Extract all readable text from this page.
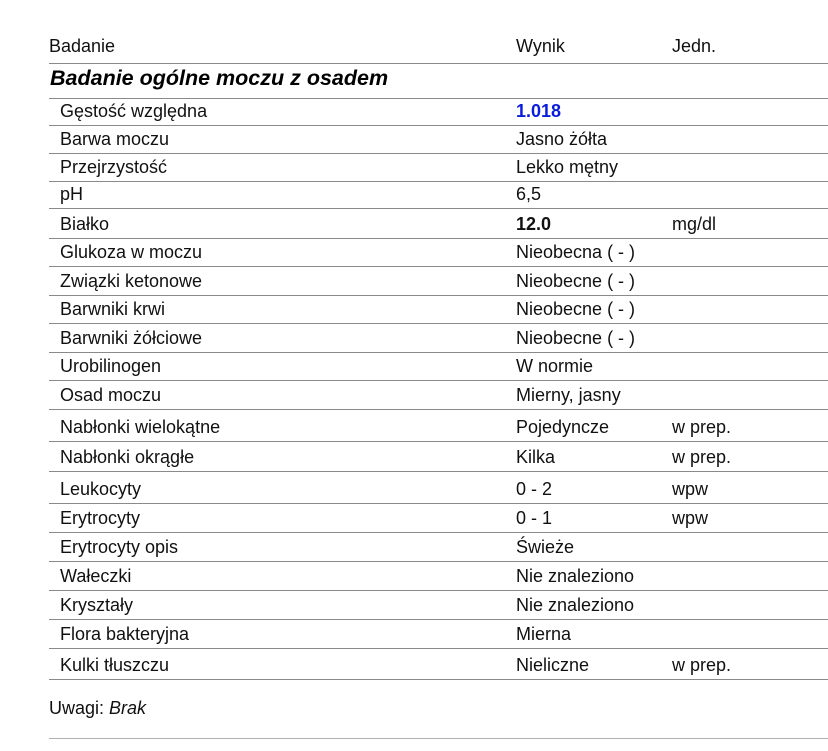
Badanie	Wynik	Jedn.
Badanie ogólne moczu z osadem
Gęstość względna	1.018
Barwa moczu	Jasno żółta
Przejrzystość	Lekko mętny
pH	6,5
Białko	12.0	mg/dl
Glukoza w moczu	Nieobecna ( - )
Związki ketonowe	Nieobecne ( - )
Barwniki krwi	Nieobecne ( - )
Barwniki żółciowe	Nieobecne ( - )
Urobilinogen	W normie
Osad moczu	Mierny, jasny
Nabłonki wielokątne	Pojedyncze	w prep.
Nabłonki okrągłe	Kilka	w prep.
Leukocyty	0 - 2	wpw
Erytrocyty	0 - 1	wpw
Erytrocyty opis	Świeże
Wałeczki	Nie znaleziono
Kryształy	Nie znaleziono
Flora bakteryjna	Mierna
Kulki tłuszczu	Nieliczne	w prep.
Uwagi: Brak
